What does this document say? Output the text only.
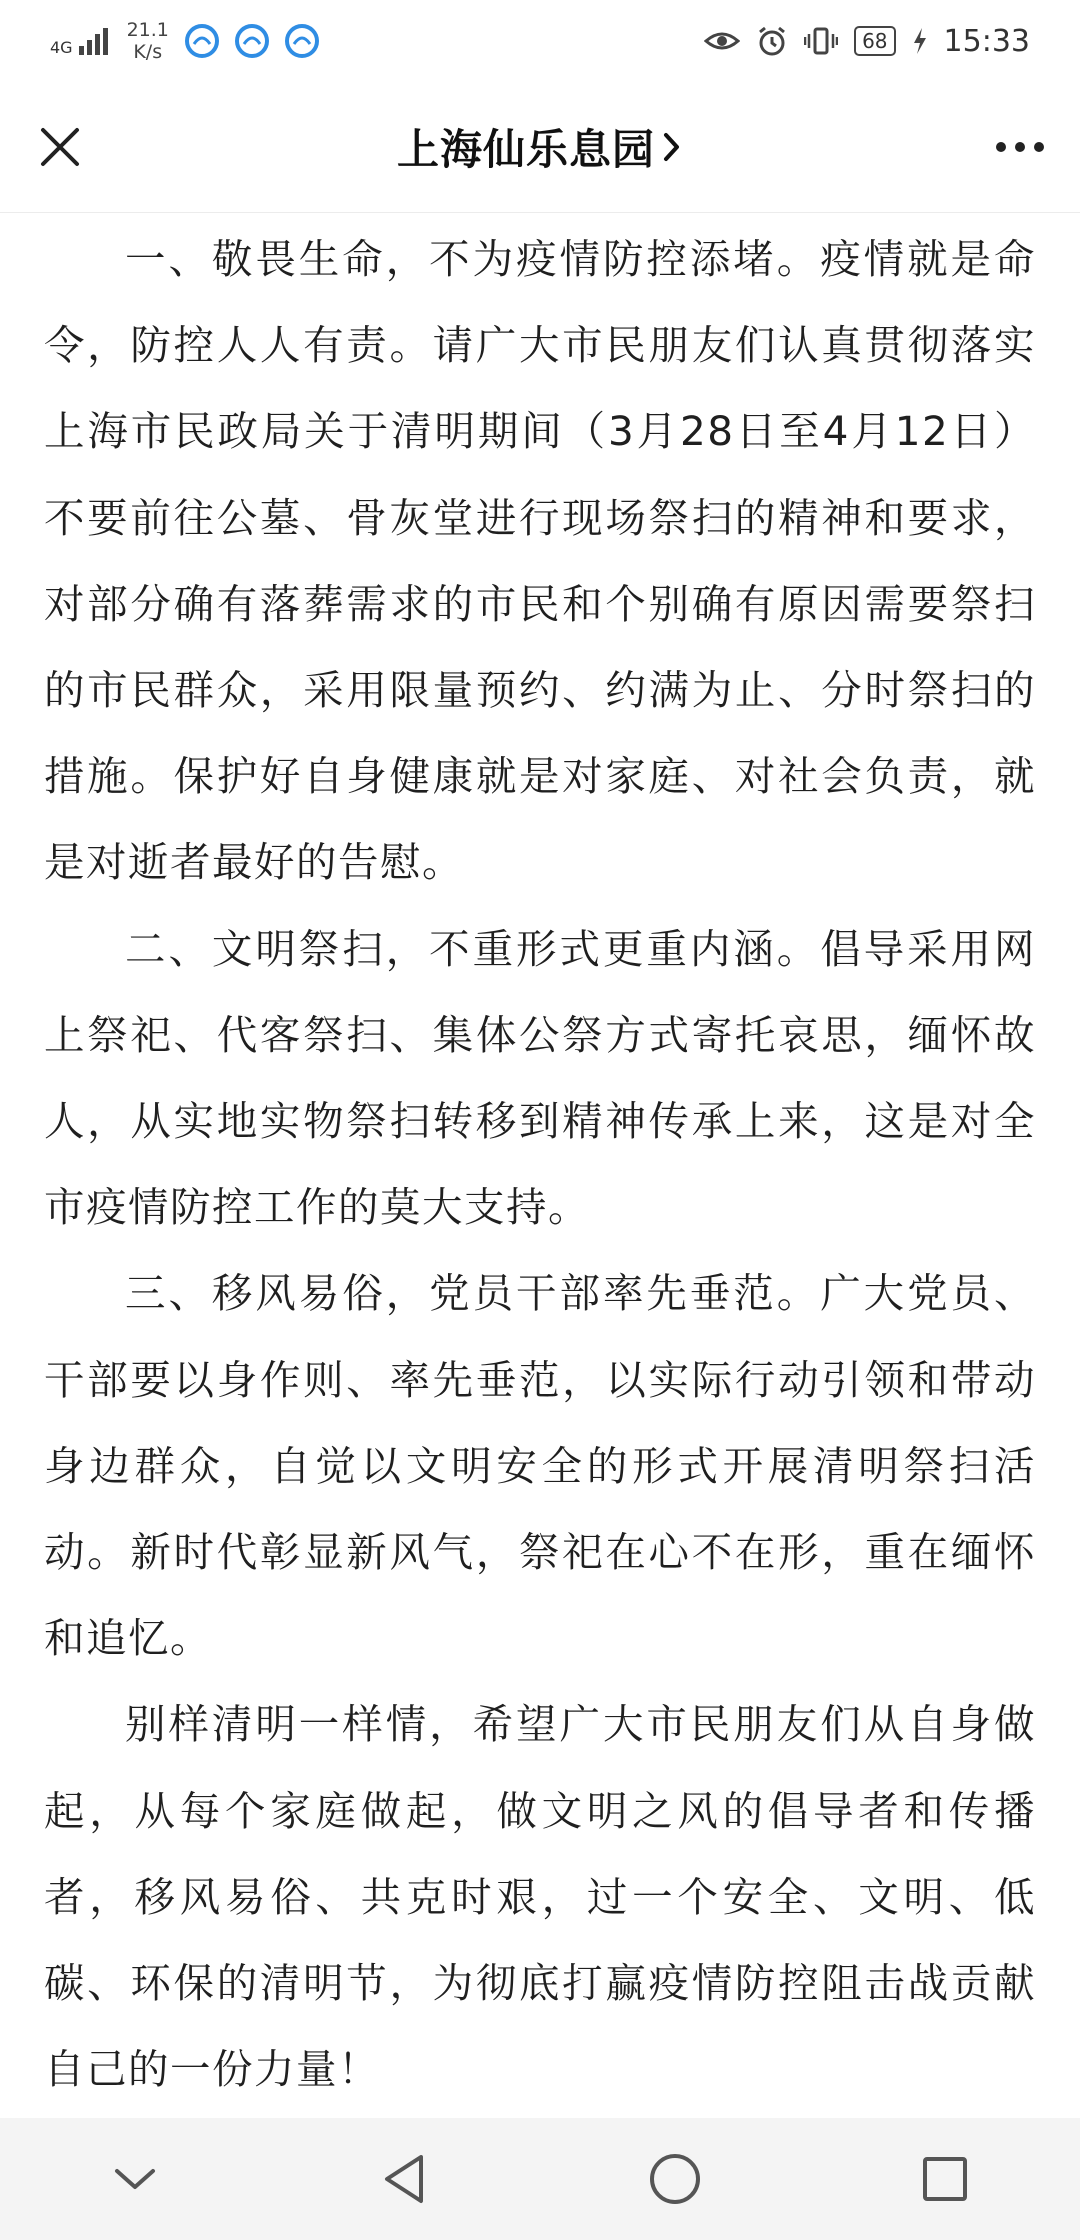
4G
21.1
K/s	68 15:33
上海仙乐息园

一、敬畏生命，不为疫情防控添堵。疫情就是命令，防控人人有责。请广大市民朋友们认真贯彻落实上海市民政局关于清明期间（3月28日至4月12日）不要前往公墓、骨灰堂进行现场祭扫的精神和要求，对部分确有落葬需求的市民和个别确有原因需要祭扫的市民群众，采用限量预约、约满为止、分时祭扫的措施。保护好自身健康就是对家庭、对社会负责，就是对逝者最好的告慰。

二、文明祭扫，不重形式更重内涵。倡导采用网上祭祀、代客祭扫、集体公祭方式寄托哀思，缅怀故人，从实地实物祭扫转移到精神传承上来，这是对全市疫情防控工作的莫大支持。

三、移风易俗，党员干部率先垂范。广大党员、干部要以身作则、率先垂范，以实际行动引领和带动身边群众，自觉以文明安全的形式开展清明祭扫活动。新时代彰显新风气，祭祀在心不在形，重在缅怀和追忆。

别样清明一样情，希望广大市民朋友们从自身做起，从每个家庭做起，做文明之风的倡导者和传播者，移风易俗、共克时艰，过一个安全、文明、低碳、环保的清明节，为彻底打赢疫情防控阻击战贡献自己的一份力量！
